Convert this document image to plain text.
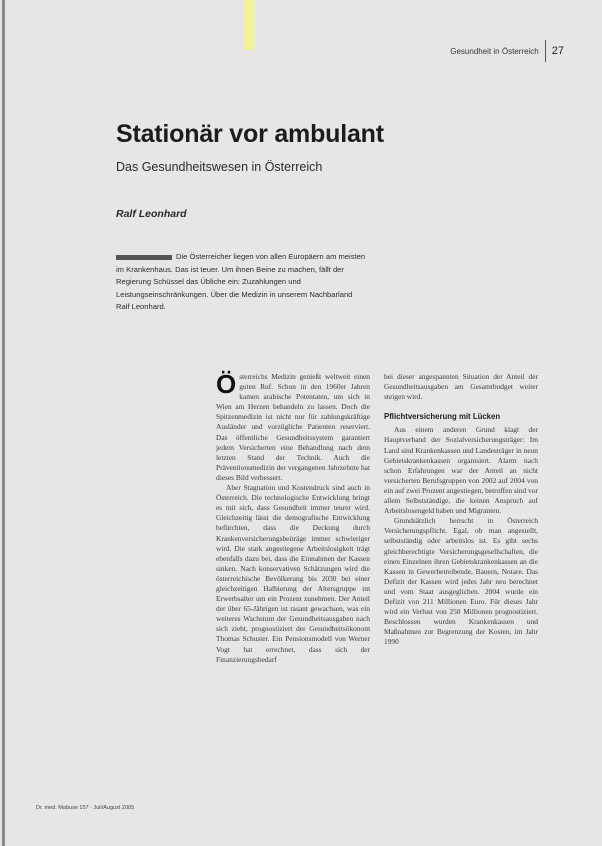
Gesundheit in Österreich 27
Stationär vor ambulant
Das Gesundheitswesen in Österreich
Ralf Leonhard
Die Österreicher liegen von allen Europäern am meisten im Krankenhaus. Das ist teuer. Um ihnen Beine zu machen, fällt der Regierung Schüssel das Übliche ein: Zuzahlungen und Leistungseinschränkungen. Über die Medizin in unserem Nachbarland Ralf Leonhard.
Ö sterreichs Medizin genießt weltweit einen guten Ruf. Schon in den 1960er Jahren kamen arabische Potentaten, um sich in Wien am Herzen behandeln zu lassen. Doch die Spitzenmedizin ist nicht nur für zahlungskräftige Ausländer und vorzügliche Patienten reserviert. Das öffentliche Gesundheitssystem garantiert jedem Versicherten eine Behandlung nach dem letzten Stand der Technik. Auch die Präventionsmedizin der vergangenen Jahrzehnte hat dieses Bild verbessert.

Aber Stagnation und Kostendruck sind auch in Österreich. Die technologische Entwicklung bringt es mit sich, dass Gesundheit immer teurer wird. Gleichzeitig lässt die demografische Entwicklung befürchten, dass die Deckung durch Krankenversicherungsbeiträge immer schwieriger wird. Die stark angestiegene Arbeitslosigkeit trägt ebenfalls dazu bei, dass die Einnahmen der Kassen sinken. Nach konservativen Schätzungen wird die österreichische Bevölkerung bis 2030 bei einer gleichzeitigen Halbierung der Altersgruppe im Erwerbsalter um ein Prozent zunehmen. Der Anteil der über 65-Jährigen ist rasant gewachsen, was ein weiteres Wachstum der Gesundheitsausgaben nach sich zieht, prognostiziert der Gesundheitsökonom Thomas Schuster. Ein Pensionsmodell von Werner Vogt hat errechnet, dass sich der Finanzierungsbedarf

bei dieser angespannten Situation der Anteil der Gesundheitsausgaben am Gesamtbudget weiter steigen wird.

Pflichtversicherung mit Lücken

Aus einem anderen Grund klagt der Hauptverband der Sozialversicherungsträger: Im Land sind Krankenkassen und Landesträger in neun Gebietskrankenkassen organisiert. Alarm nach schon Erfahrungen war der Anteil an nicht versicherten Berufsgruppen von 2002 auf 2004 von ein auf zwei Prozent angestiegen, betroffen sind vor allem Selbstständige, die keinen Anspruch auf Arbeitslosengeld haben und Migranten.

Grundsätzlich herrscht in Österreich Versicherungspflicht. Egal, ob man angestellt, selbstständig oder arbeitslos ist. Es gibt sechs gleichberechtigte Versicherungsgesellschaften, die einen Einzelnen ihren Gebietskrankenkassen an die Kassen in Gewerbetreibende, Bauern, Notare. Das Defizit der Kassen wird jedes Jahr neu berechnet und vom Staat ausgeglichen. 2004 wurde ein Defizit von 211 Millionen Euro. Für dieses Jahr wird ein Verlust von 250 Millionen prognostiziert. Beschlossen wurden Krankenkassen und Maßnahmen zur Begrenzung der Kosten, im Jahr 1990

Dr. med. Mabuse 157 · Juli/August 2005
